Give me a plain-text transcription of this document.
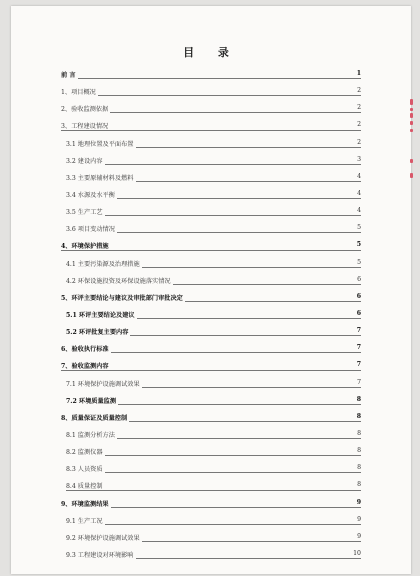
目 录
前 言	1
1、项目概况	2
2、验收监测依据	2
3、工程建设情况	2
3.1 地理位置及平面布置	2
3.2 建设内容	3
3.3 主要原辅材料及燃料	4
3.4 水源及水平衡	4
3.5 生产工艺	4
3.6 项目变动情况	5
4、环境保护措施	5
4.1 主要污染源及治理措施	5
4.2 环保设施投资及环保设施落实情况	6
5、环评主要结论与建议及审批部门审批决定	6
5.1 环评主要结论及建议	6
5.2 环评批复主要内容	7
6、验收执行标准	7
7、验收监测内容	7
7.1 环境保护设施调试效果	7
7.2 环境质量监测	8
8、质量保证及质量控制	8
8.1 监测分析方法	8
8.2 监测仪器	8
8.3 人员资质	8
8.4 质量控制	8
9、环境监测结果	9
9.1 生产工况	9
9.2 环境保护设施调试效果	9
9.3 工程建设对环境影响	10
